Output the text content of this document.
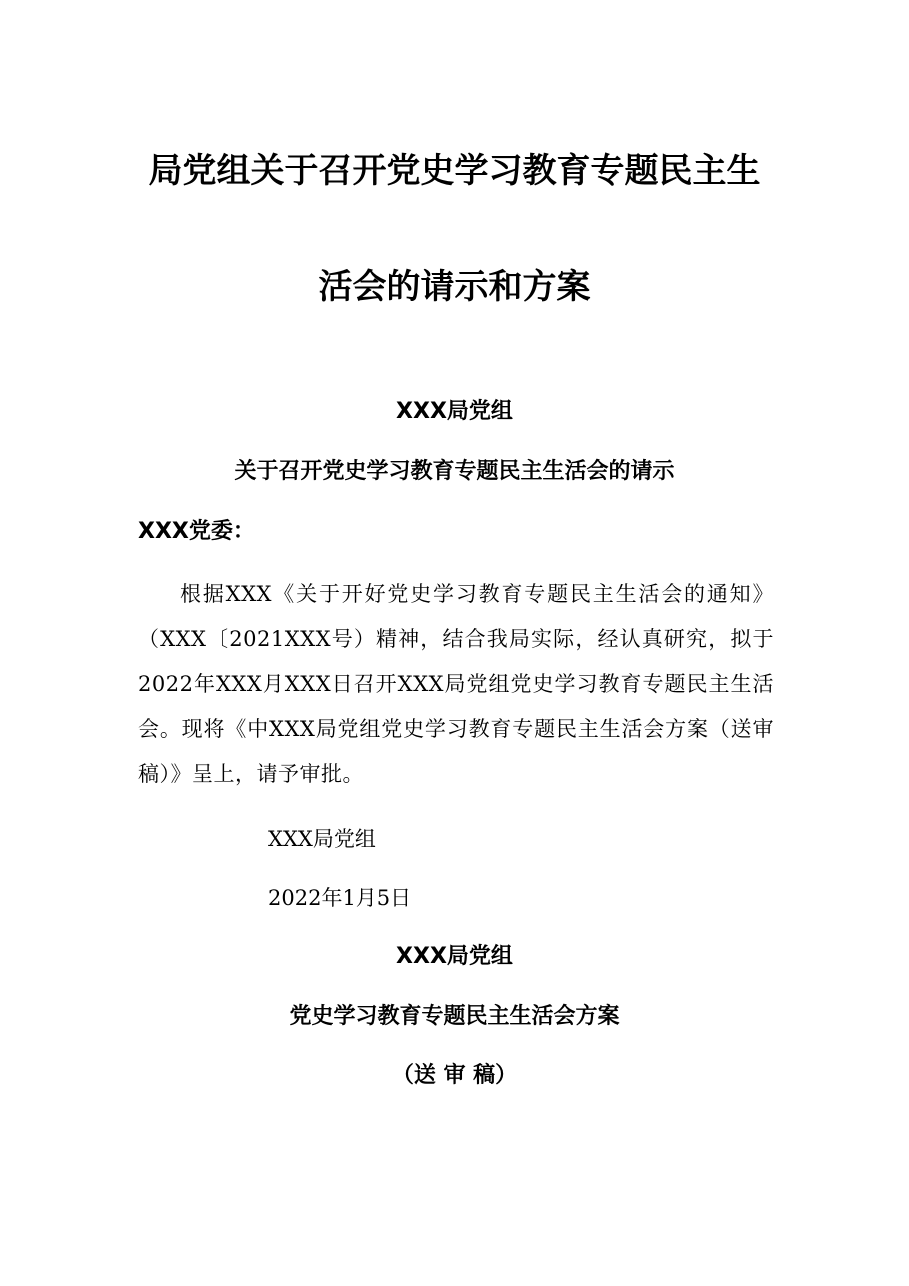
局党组关于召开党史学习教育专题民主生
活会的请示和方案
XXX局党组
关于召开党史学习教育专题民主生活会的请示
XXX党委：

根据XXX《关于开好党史学习教育专题民主生活会的通知》（XXX〔2021XXX号）精神，结合我局实际，经认真研究，拟于2022年XXX月XXX日召开XXX局党组党史学习教育专题民主生活会。现将《中XXX局党组党史学习教育专题民主生活会方案（送审稿）》呈上，请予审批。

XXX局党组
2022年1月5日
XXX局党组
党史学习教育专题民主生活会方案
（送 审 稿）
